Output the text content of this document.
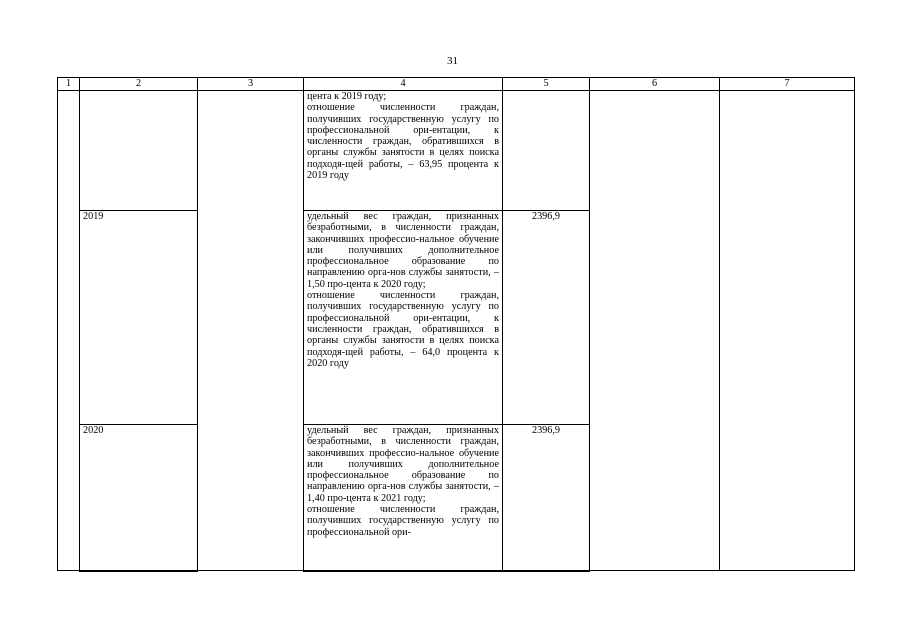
31
1	2	3	4	5	6	7

			цента к 2019 году;
отношение численности граждан, получивших государственную услугу по профессиональной ори-ентации, к численности граждан, обратившихся в органы службы занятости в целях поиска подходя-щей работы, – 63,95 процента к 2019 году			

	2019		удельный вес граждан, признанных безработными, в численности граждан, закончивших профессио-нальное обучение или получивших дополнительное профессиональное образование по направлению орга-нов службы занятости, – 1,50 про-цента к 2020 году;
отношение численности граждан, получивших государственную услугу по профессиональной ори-ентации, к численности граждан, обратившихся в органы службы занятости в целях поиска подходя-щей работы, – 64,0 процента к 2020 году	2396,9		
	2020		удельный вес граждан, признанных безработными, в численности граждан, закончивших профессио-нальное обучение или получивших дополнительное профессиональное образование по направлению орга-нов службы занятости, – 1,40 про-цента к 2021 году;
отношение численности граждан, получивших государственную услугу по профессиональной ори-	2396,9		
